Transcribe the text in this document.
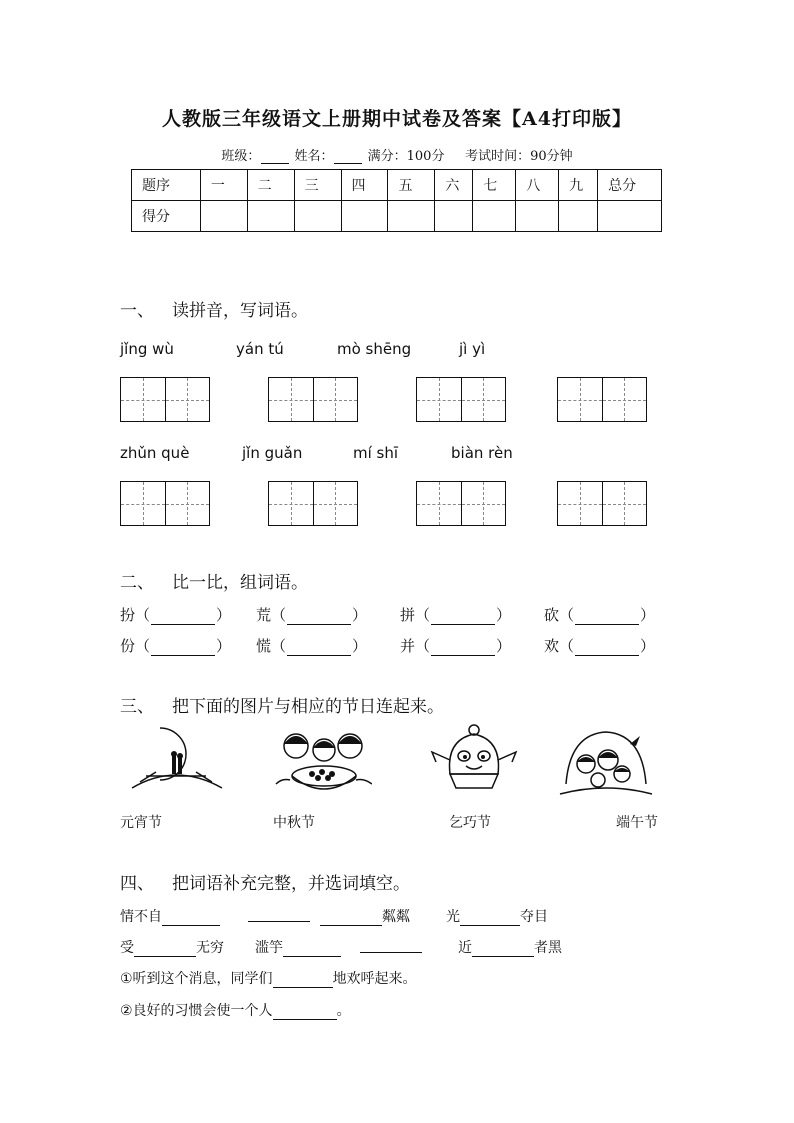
人教版三年级语文上册期中试卷及答案【A4打印版】
班级：	姓名：	满分：100分 考试时间：90分钟
题序	一	二	三	四	五	六	七	八	九	总分
得分										
一、 读拼音，写词语。
jǐng wù	yán tú	mò shēng	jì yì
zhǔn què	jǐn guǎn	mí shī	biàn rèn
二、 比一比，组词语。
扮（	） 荒（	） 拼（	） 砍（	）
份（	） 慌（	） 并（	） 欢（	）
三、 把下面的图片与相应的节日连起来。
元宵节	中秋节	乞巧节	端午节
四、 把词语补充完整，并选词填空。
情不自	粼粼	光	夺目
受	无穷 滥竽	近	者黑
①听到这个消息，同学们	地欢呼起来。
②良好的习惯会使一个人	。
